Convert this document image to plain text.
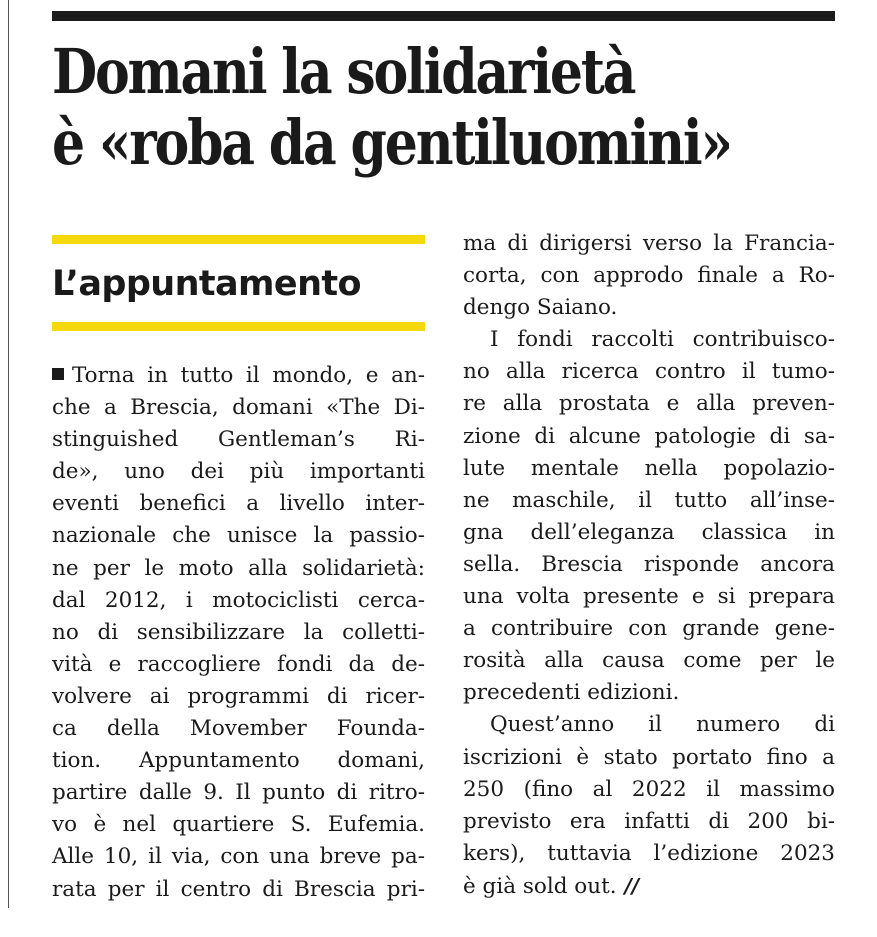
Domani la solidarietà
è «roba da gentiluomini»
L’appuntamento
Torna in tutto il mondo, e an-
che a Brescia, domani «The Di-
stinguished Gentleman’s Ri-
de», uno dei più importanti
eventi benefici a livello inter-
nazionale che unisce la passio-
ne per le moto alla solidarietà:
dal 2012, i motociclisti cerca-
no di sensibilizzare la colletti-
vità e raccogliere fondi da de-
volvere ai programmi di ricer-
ca della Movember Founda-
tion. Appuntamento domani,
partire dalle 9. Il punto di ritro-
vo è nel quartiere S. Eufemia.
Alle 10, il via, con una breve pa-
rata per il centro di Brescia pri-
ma di dirigersi verso la Francia-
corta, con approdo finale a Ro-
dengo Saiano.
I fondi raccolti contribuisco-
no alla ricerca contro il tumo-
re alla prostata e alla preven-
zione di alcune patologie di sa-
lute mentale nella popolazio-
ne maschile, il tutto all’inse-
gna dell’eleganza classica in
sella. Brescia risponde ancora
una volta presente e si prepara
a contribuire con grande gene-
rosità alla causa come per le
precedenti edizioni.
Quest’anno il numero di
iscrizioni è stato portato fino a
250 (fino al 2022 il massimo
previsto era infatti di 200 bi-
kers), tuttavia l’edizione 2023
è già sold out. //
